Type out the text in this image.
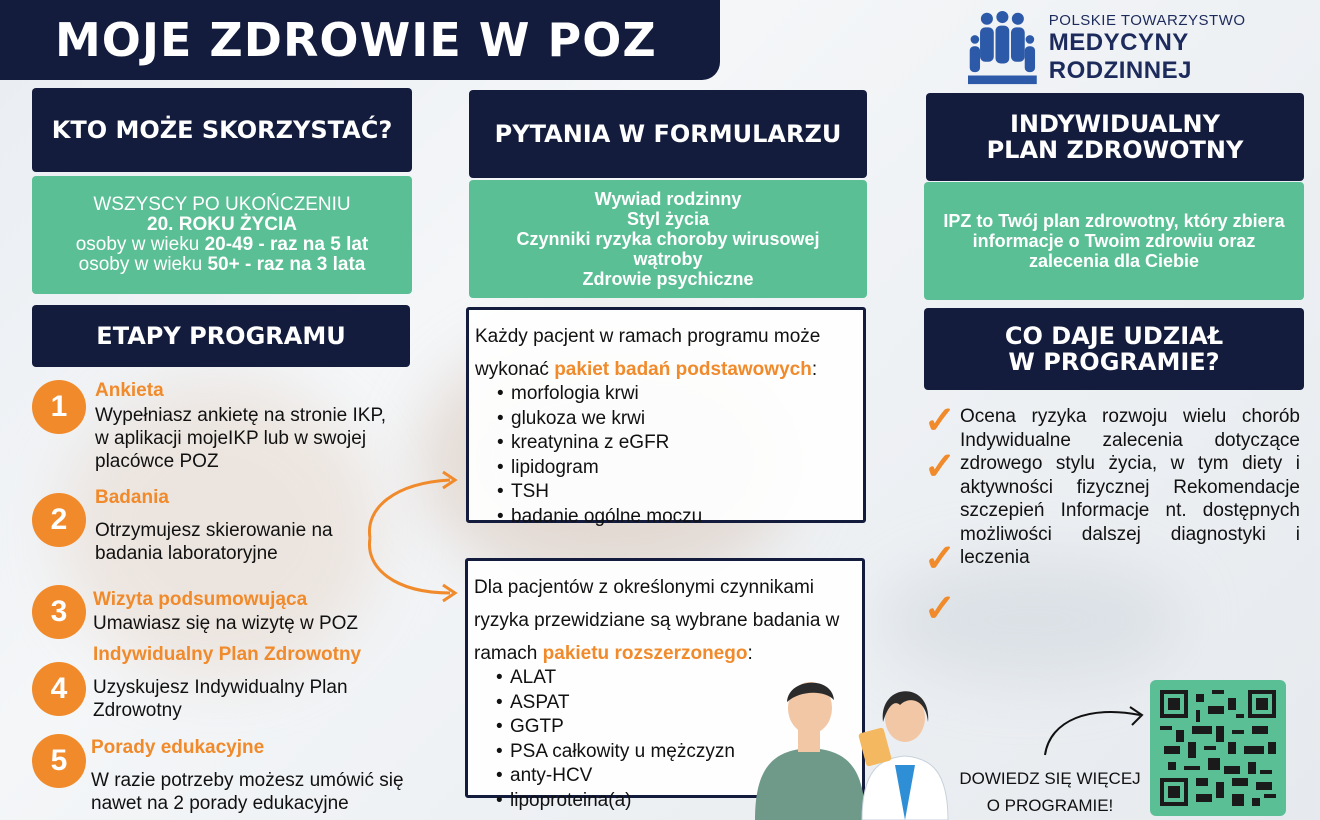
MOJE ZDROWIE W POZ	POLSKIE TOWARZYSTWO
MEDYCYNY RODZINNEJ
KTO MOŻE SKORZYSTAĆ?
WSZYSCY PO UKOŃCZENIU
20. ROKU ŻYCIA
osoby w wieku 20-49 - raz na 5 lat
osoby w wieku 50+ - raz na 3 lata
ETAPY PROGRAMU
1	Ankieta
Wypełniasz ankietę na stronie IKP, w aplikacji mojeIKP lub w swojej placówce POZ
2
Badania
Otrzymujesz skierowanie na badania laboratoryjne
3	Wizyta podsumowująca
Umawiasz się na wizytę w POZ
4
Indywidualny Plan Zdrowotny
Uzyskujesz Indywidualny Plan Zdrowotny
5	Porady edukacyjne
W razie potrzeby możesz umówić się nawet na 2 porady edukacyjne
PYTANIA W FORMULARZU
Wywiad rodzinny
Styl życia
Czynniki ryzyka choroby wirusowej wątroby
Zdrowie psychiczne
Każdy pacjent w ramach programu może wykonać pakiet badań podstawowych:
• morfologia krwi
• glukoza we krwi
• kreatynina z eGFR
• lipidogram
• TSH
• badanie ogólne moczu
Dla pacjentów z określonymi czynnikami ryzyka przewidziane są wybrane badania w ramach pakietu rozszerzonego:
• ALAT
• ASPAT
• GGTP
• PSA całkowity u mężczyzn
• anty-HCV
• lipoproteina(a)
INDYWIDUALNY
PLAN ZDROWOTNY
IPZ to Twój plan zdrowotny, który zbiera informacje o Twoim zdrowiu oraz zalecenia dla Ciebie
CO DAJE UDZIAŁ
W PROGRAMIE?
✓
✓
✓
✓
Ocena ryzyka rozwoju wielu chorób Indywidualne zalecenia dotyczące zdrowego stylu życia, w tym diety i aktywności fizycznej Rekomendacje szczepień Informacje nt. dostępnych możliwości dalszej diagnostyki i leczenia
DOWIEDZ SIĘ WIĘCEJ
O PROGRAMIE!
